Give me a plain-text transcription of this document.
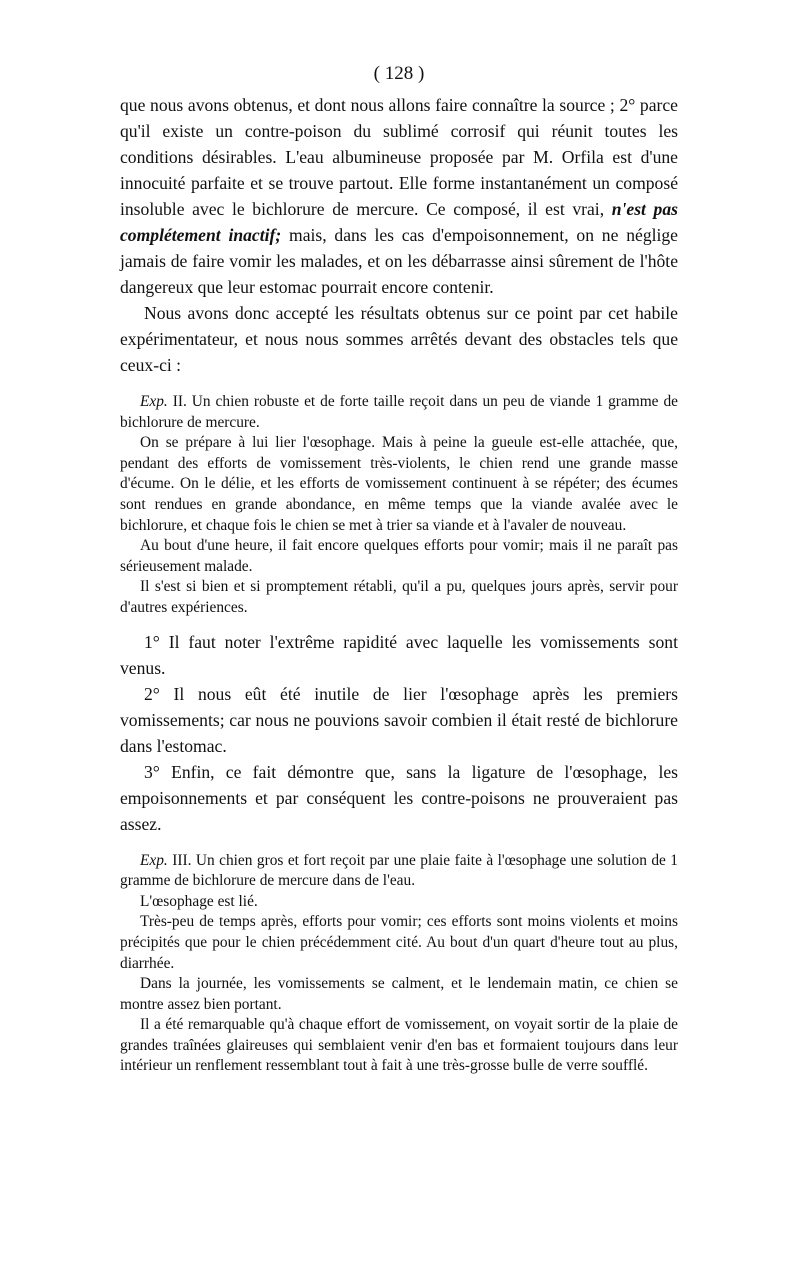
( 128 )

que nous avons obtenus, et dont nous allons faire connaître la source ; 2° parce qu'il existe un contre-poison du sublimé corrosif qui réunit toutes les conditions désirables. L'eau albumineuse proposée par M. Orfila est d'une innocuité parfaite et se trouve partout. Elle forme instantanément un composé insoluble avec le bichlorure de mercure. Ce composé, il est vrai, n'est pas complétement inactif; mais, dans les cas d'empoisonnement, on ne néglige jamais de faire vomir les malades, et on les débarrasse ainsi sûrement de l'hôte dangereux que leur estomac pourrait encore contenir.

Nous avons donc accepté les résultats obtenus sur ce point par cet habile expérimentateur, et nous nous sommes arrêtés devant des obstacles tels que ceux-ci :

Exp. II. Un chien robuste et de forte taille reçoit dans un peu de viande 1 gramme de bichlorure de mercure.

On se prépare à lui lier l'œsophage. Mais à peine la gueule est-elle attachée, que, pendant des efforts de vomissement très-violents, le chien rend une grande masse d'écume. On le délie, et les efforts de vomissement continuent à se répéter; des écumes sont rendues en grande abondance, en même temps que la viande avalée avec le bichlorure, et chaque fois le chien se met à trier sa viande et à l'avaler de nouveau.

Au bout d'une heure, il fait encore quelques efforts pour vomir; mais il ne paraît pas sérieusement malade.

Il s'est si bien et si promptement rétabli, qu'il a pu, quelques jours après, servir pour d'autres expériences.

1° Il faut noter l'extrême rapidité avec laquelle les vomissements sont venus.

2° Il nous eût été inutile de lier l'œsophage après les premiers vomissements; car nous ne pouvions savoir combien il était resté de bichlorure dans l'estomac.

3° Enfin, ce fait démontre que, sans la ligature de l'œsophage, les empoisonnements et par conséquent les contre-poisons ne prouveraient pas assez.

Exp. III. Un chien gros et fort reçoit par une plaie faite à l'œsophage une solution de 1 gramme de bichlorure de mercure dans de l'eau.

L'œsophage est lié.

Très-peu de temps après, efforts pour vomir; ces efforts sont moins violents et moins précipités que pour le chien précédemment cité. Au bout d'un quart d'heure tout au plus, diarrhée.

Dans la journée, les vomissements se calment, et le lendemain matin, ce chien se montre assez bien portant.

Il a été remarquable qu'à chaque effort de vomissement, on voyait sortir de la plaie de grandes traînées glaireuses qui semblaient venir d'en bas et formaient toujours dans leur intérieur un renflement ressemblant tout à fait à une très-grosse bulle de verre soufflé.
